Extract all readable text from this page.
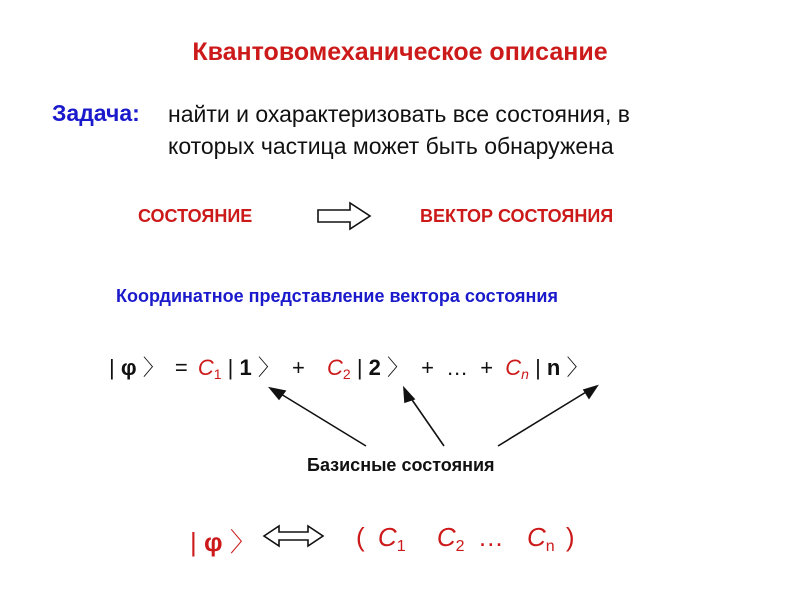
Квантовомеханическое описание
Задача: найти и охарактеризовать все состояния, в
которых частица может быть обнаружена
СОСТОЯНИЕ	ВЕКТОР СОСТОЯНИЯ
Координатное представление вектора состояния
| φ 〉 = $C_1$ | 1 〉 + $C_2$ | 2 〉 + … + $C_n$ | n 〉
Базисные состояния
| φ 〉	( $C_1$ $C_2$ … $C_n$ )
